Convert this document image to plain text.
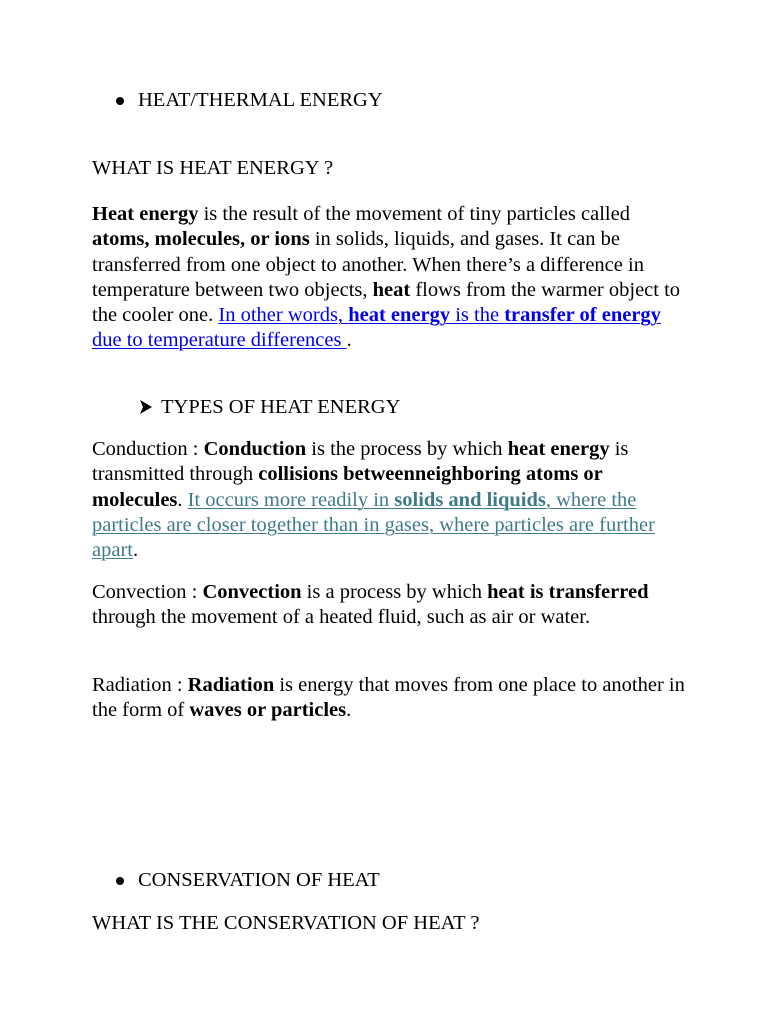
HEAT/THERMAL ENERGY

WHAT IS HEAT ENERGY ?

Heat energy is the result of the movement of tiny particles called atoms, molecules, or ions in solids, liquids, and gases. It can be transferred from one object to another. When there’s a difference in temperature between two objects, heat flows from the warmer object to the cooler one. In other words, heat energy is the transfer of energy due to temperature differences .

TYPES OF HEAT ENERGY

Conduction : Conduction is the process by which heat energy is transmitted through collisions betweenneighboring atoms or molecules. It occurs more readily in solids and liquids, where the particles are closer together than in gases, where particles are further apart.

Convection : Convection is a process by which heat is transferred through the movement of a heated fluid, such as air or water.

Radiation : Radiation is energy that moves from one place to another in the form of waves or particles.

CONSERVATION OF HEAT

WHAT IS THE CONSERVATION OF HEAT ?
